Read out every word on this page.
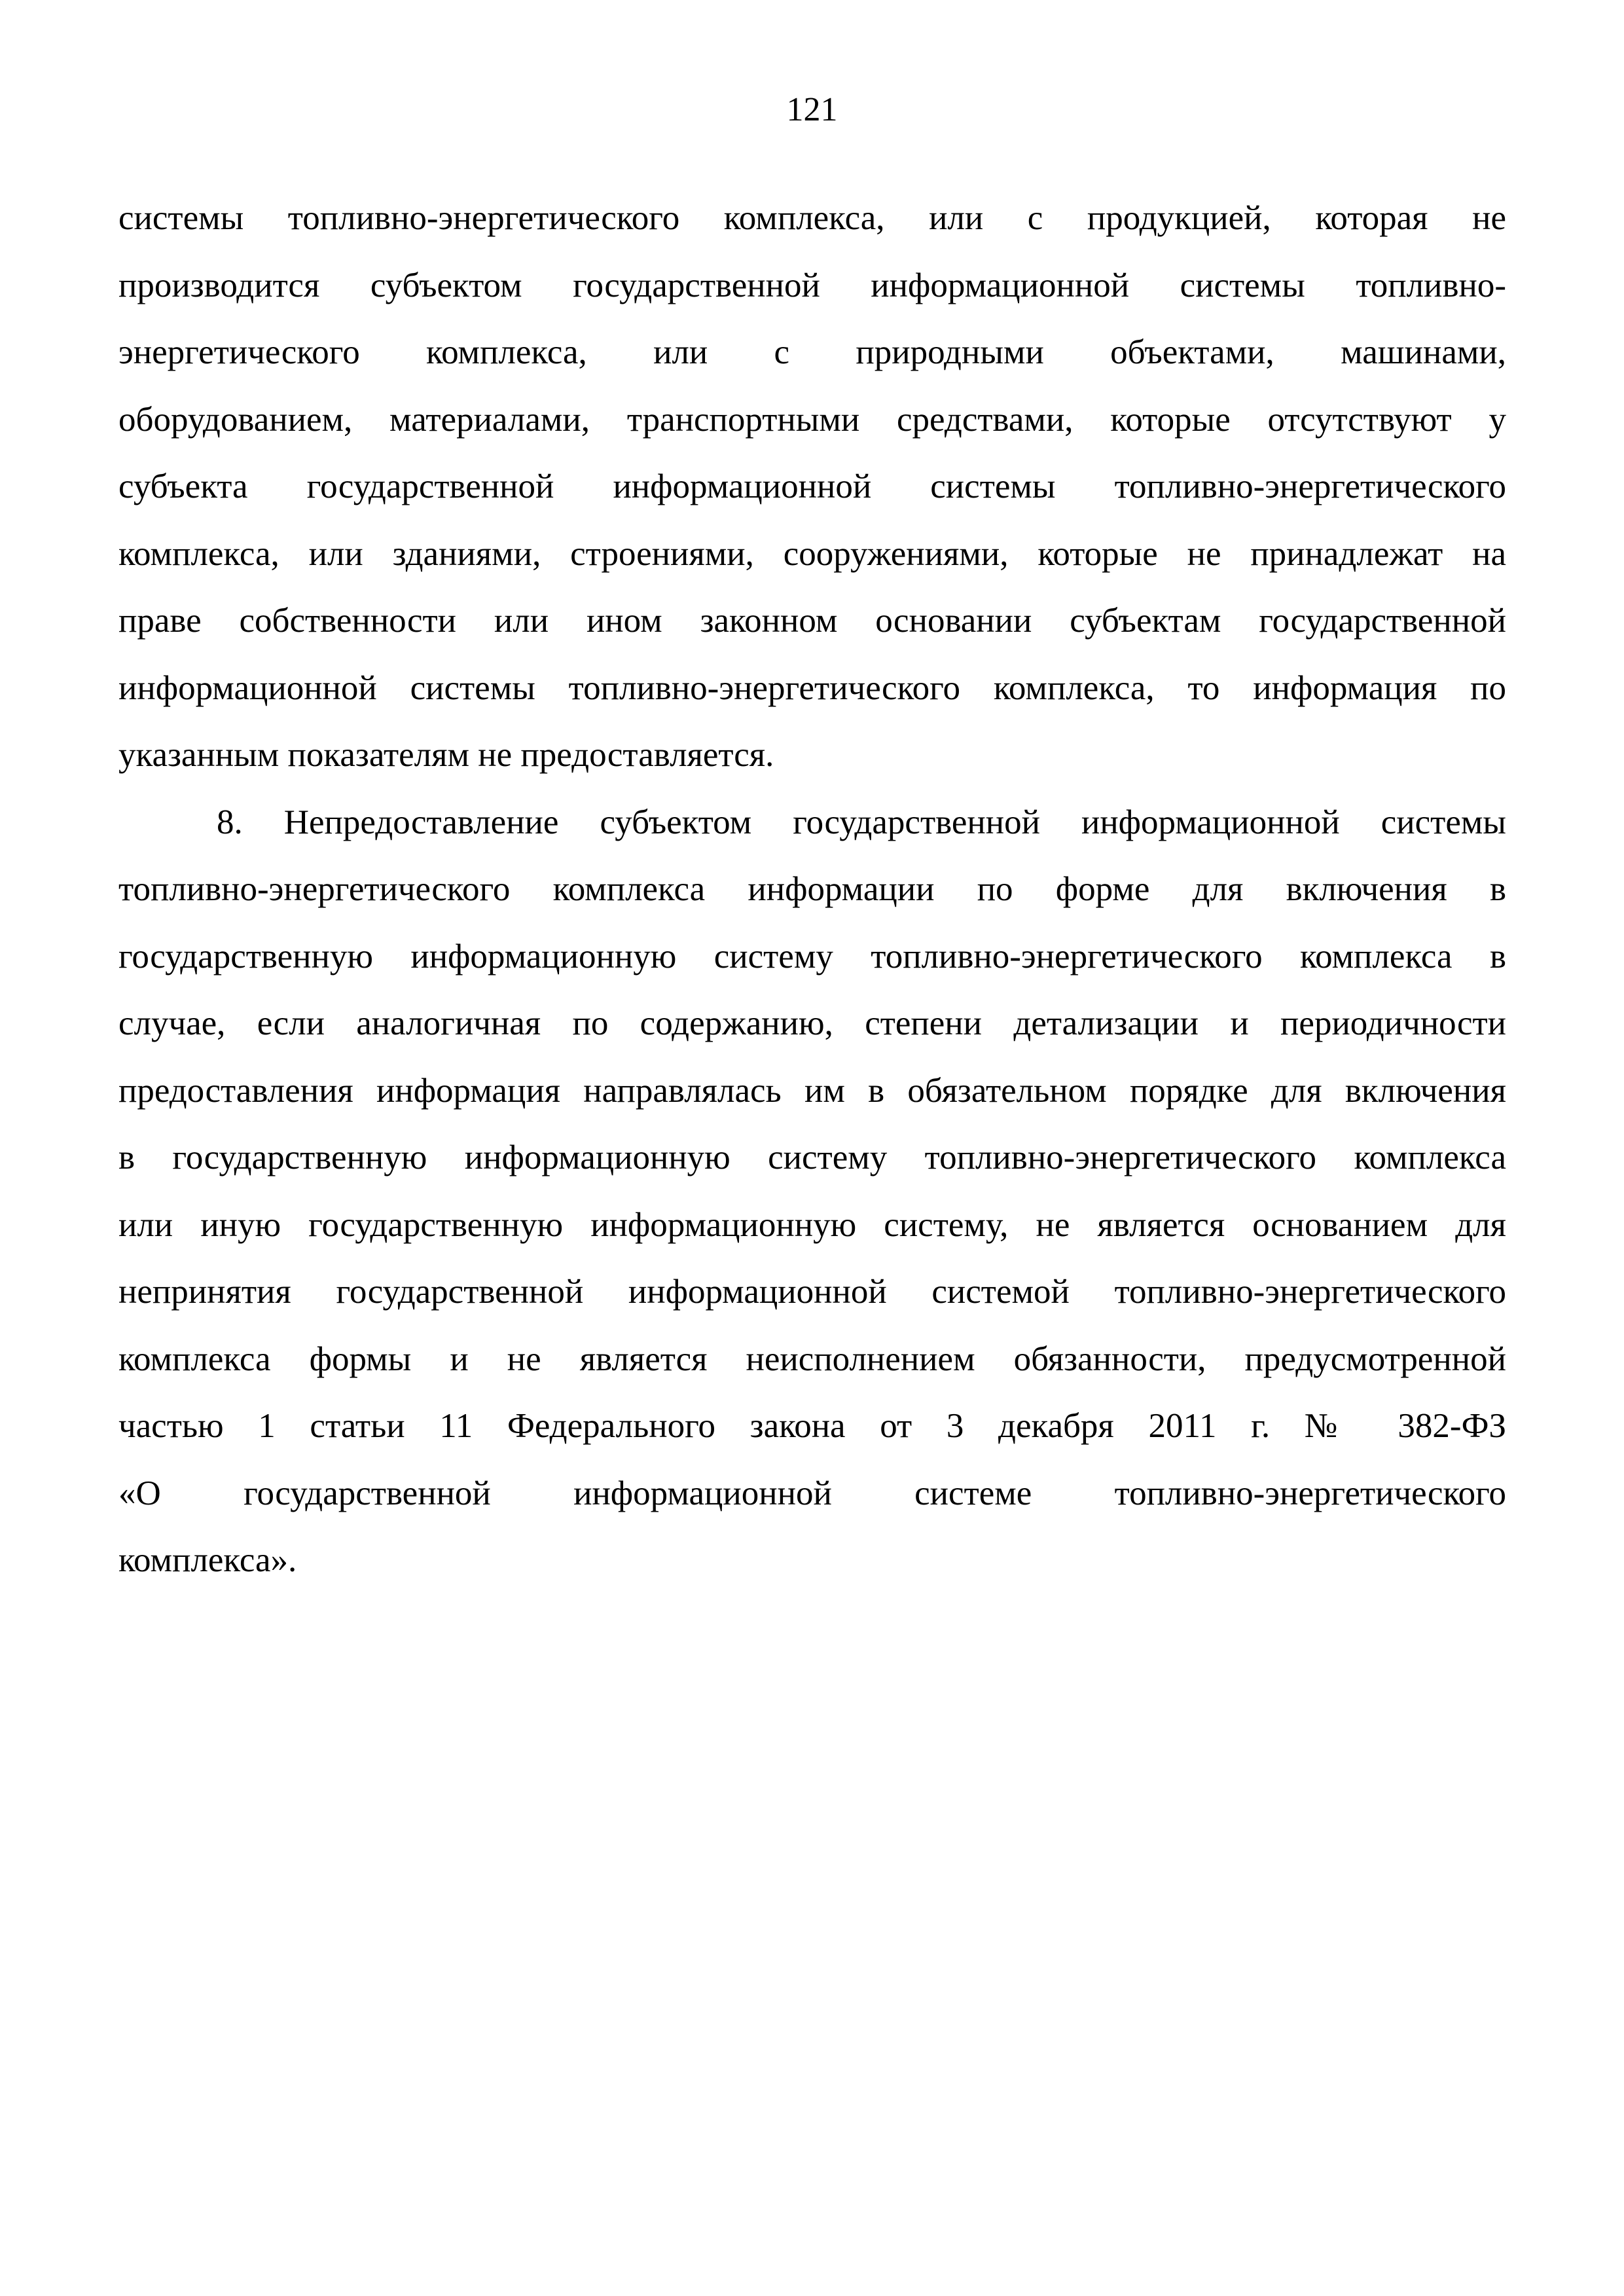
121

системы топливно-энергетического комплекса, или с продукцией, которая не
производится субъектом государственной информационной системы топливно-
энергетического комплекса, или с природными объектами, машинами,
оборудованием, материалами, транспортными средствами, которые отсутствуют у
субъекта государственной информационной системы топливно-энергетического
комплекса, или зданиями, строениями, сооружениями, которые не принадлежат на
праве собственности или ином законном основании субъектам государственной
информационной системы топливно-энергетического комплекса, то информация по
указанным показателям не предоставляется.

8. Непредоставление субъектом государственной информационной системы
топливно-энергетического комплекса информации по форме для включения в
государственную информационную систему топливно-энергетического комплекса в
случае, если аналогичная по содержанию, степени детализации и периодичности
предоставления информация направлялась им в обязательном порядке для включения
в государственную информационную систему топливно-энергетического комплекса
или иную государственную информационную систему, не является основанием для
непринятия государственной информационной системой топливно-энергетического
комплекса формы и не является неисполнением обязанности, предусмотренной
частью 1 статьи 11 Федерального закона от 3 декабря 2011 г. № 382-ФЗ
«О государственной информационной системе топливно-энергетического
комплекса».
